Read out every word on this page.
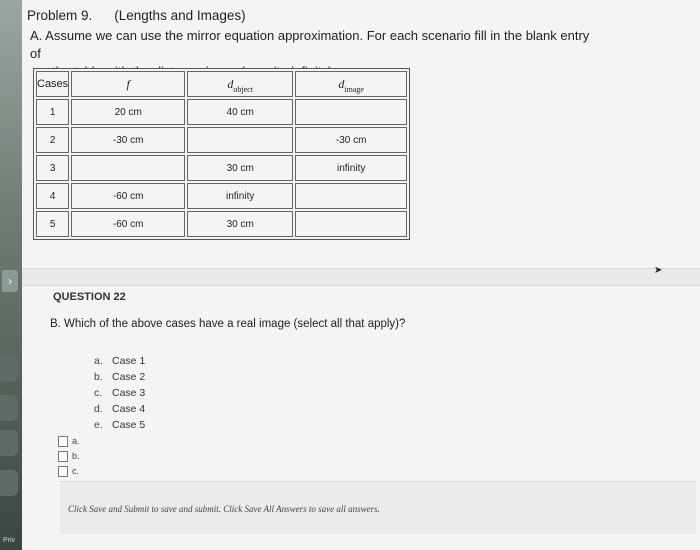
›
Priv
Problem 9. (Lengths and Images)
A. Assume we can use the mirror equation approximation. For each scenario fill in the blank entry of
Cases	f	$d_{object}$	$d_{image}$
1	20 cm	40 cm	
2	-30 cm		-30 cm
3		30 cm	infinity
4	-60 cm	infinity	
5	-60 cm	30 cm	
➤
QUESTION 22
B. Which of the above cases have a real image (select all that apply)?
a. Case 1
b. Case 2
c. Case 3
d. Case 4
e. Case 5
a.
b.
c.
Click Save and Submit to save and submit. Click Save All Answers to save all answers.
